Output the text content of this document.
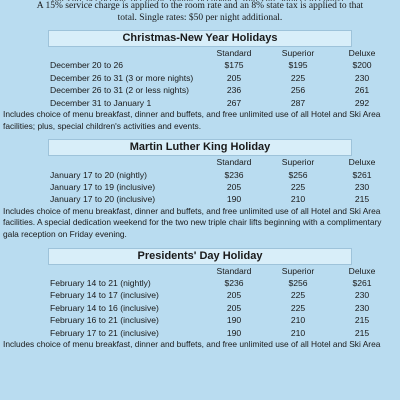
A 15% service charge is applied to the room rate and an 8% state tax is applied to that
total. Single rates: $50 per night additional.
Christmas-New Year Holidays
	Standard	Superior	Deluxe
December 20 to 26	$175	$195	$200
December 26 to 31 (3 or more nights)	205	225	230
December 26 to 31 (2 or less nights)	236	256	261
December 31 to January 1	267	287	292
Includes choice of menu breakfast, dinner and buffets, and free unlimited use of all Hotel and Ski Area facilities; plus, special children's activities and events.
Martin Luther King Holiday
	Standard	Superior	Deluxe
January 17 to 20 (nightly)	$236	$256	$261
January 17 to 19 (inclusive)	205	225	230
January 17 to 20 (inclusive)	190	210	215
Includes choice of menu breakfast, dinner and buffets, and free unlimited use of all Hotel and Ski Area facilities. A special dedication weekend for the two new triple chair lifts beginning with a complimentary gala reception on Friday evening.
Presidents' Day Holiday
	Standard	Superior	Deluxe
February 14 to 21 (nightly)	$236	$256	$261
February 14 to 17 (inclusive)	205	225	230
February 14 to 16 (inclusive)	205	225	230
February 16 to 21 (inclusive)	190	210	215
February 17 to 21 (inclusive)	190	210	215
Includes choice of menu breakfast, dinner and buffets, and free unlimited use of all Hotel and Ski Area
